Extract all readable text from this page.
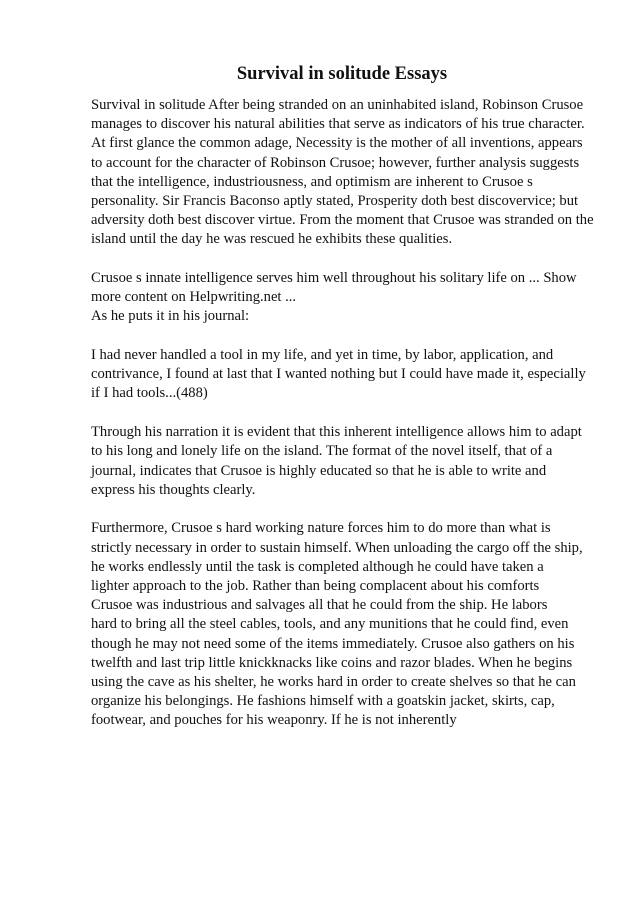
Survival in solitude Essays
Survival in solitude After being stranded on an uninhabited island, Robinson Crusoe
manages to discover his natural abilities that serve as indicators of his true character.
At first glance the common adage, Necessity is the mother of all inventions, appears
to account for the character of Robinson Crusoe; however, further analysis suggests
that the intelligence, industriousness, and optimism are inherent to Crusoe s
personality. Sir Francis Baconso aptly stated, Prosperity doth best discovervice; but
adversity doth best discover virtue. From the moment that Crusoe was stranded on the
island until the day he was rescued he exhibits these qualities.
Crusoe s innate intelligence serves him well throughout his solitary life on ... Show
more content on Helpwriting.net ...
As he puts it in his journal:
I had never handled a tool in my life, and yet in time, by labor, application, and
contrivance, I found at last that I wanted nothing but I could have made it, especially
if I had tools...(488)
Through his narration it is evident that this inherent intelligence allows him to adapt
to his long and lonely life on the island. The format of the novel itself, that of a
journal, indicates that Crusoe is highly educated so that he is able to write and
express his thoughts clearly.
Furthermore, Crusoe s hard working nature forces him to do more than what is
strictly necessary in order to sustain himself. When unloading the cargo off the ship,
he works endlessly until the task is completed although he could have taken a
lighter approach to the job. Rather than being complacent about his comforts
Crusoe was industrious and salvages all that he could from the ship. He labors
hard to bring all the steel cables, tools, and any munitions that he could find, even
though he may not need some of the items immediately. Crusoe also gathers on his
twelfth and last trip little knickknacks like coins and razor blades. When he begins
using the cave as his shelter, he works hard in order to create shelves so that he can
organize his belongings. He fashions himself with a goatskin jacket, skirts, cap,
footwear, and pouches for his weaponry. If he is not inherently
